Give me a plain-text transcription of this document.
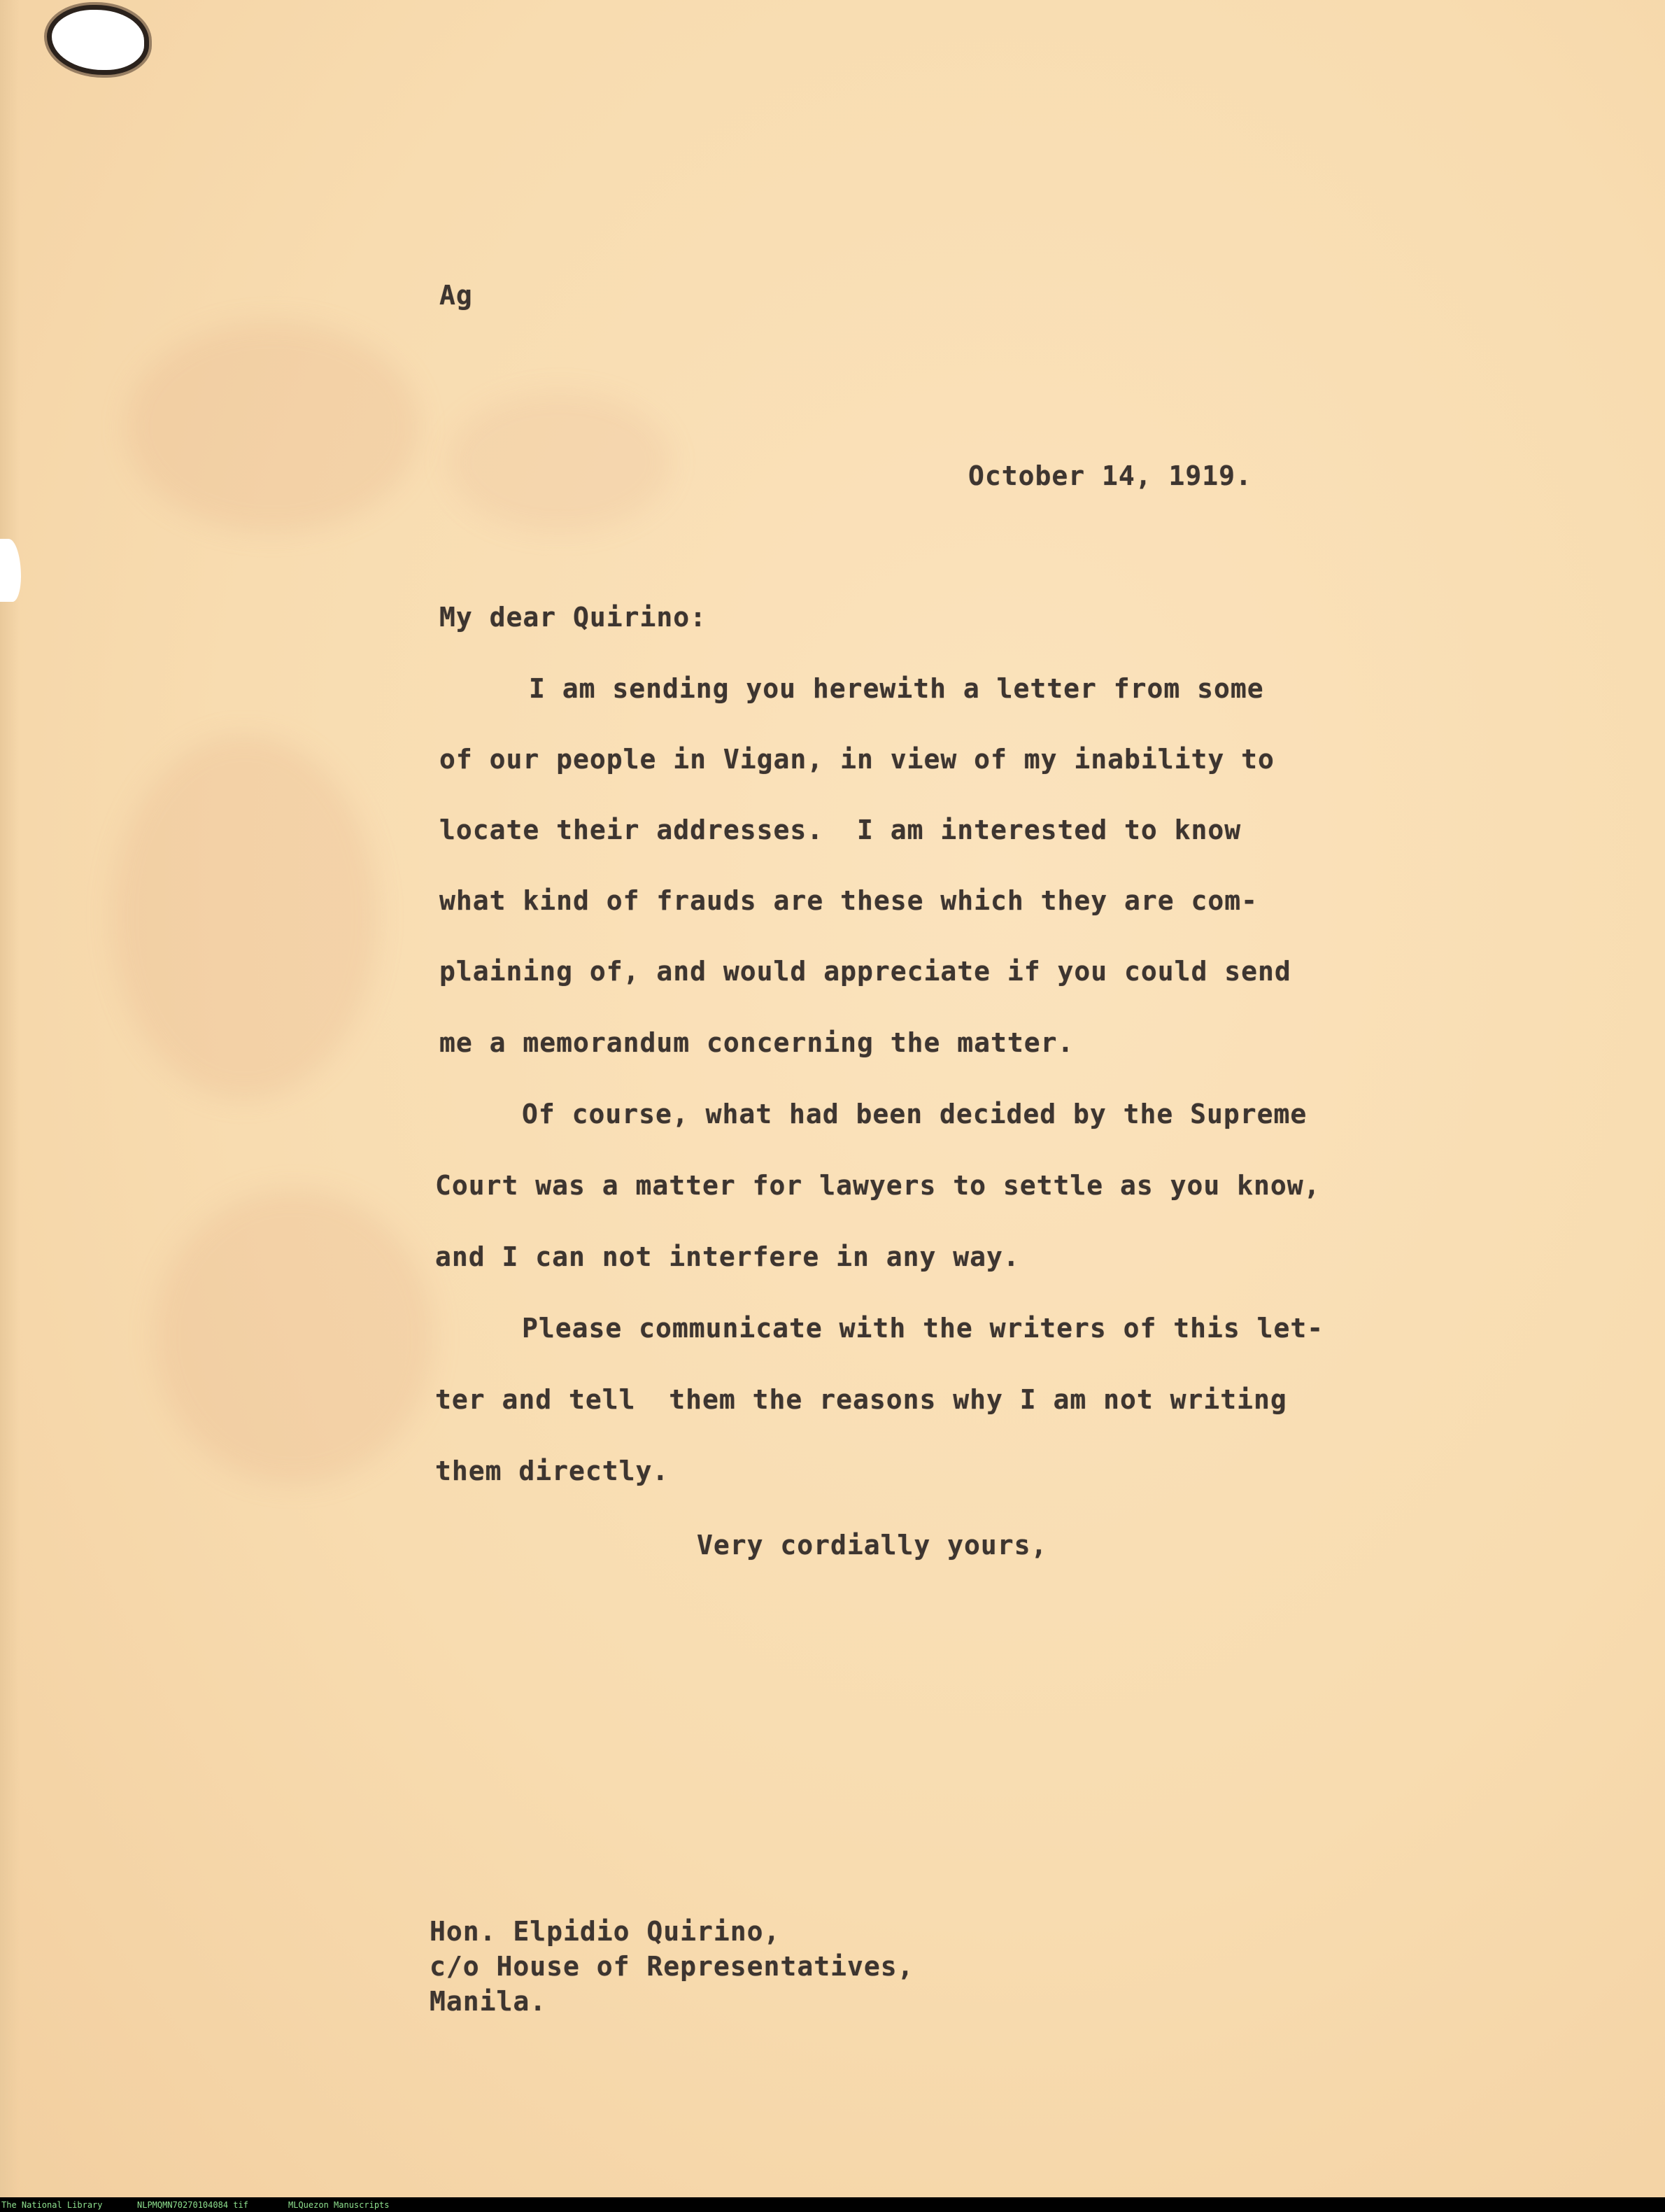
Ag
October 14, 1919.
My dear Quirino:
I am sending you herewith a letter from some
of our people in Vigan, in view of my inability to
locate their addresses.  I am interested to know
what kind of frauds are these which they are com-
plaining of, and would appreciate if you could send
me a memorandum concerning the matter.
Of course, what had been decided by the Supreme
Court was a matter for lawyers to settle as you know,
and I can not interfere in any way.
Please communicate with the writers of this let-
ter and tell  them the reasons why I am not writing
them directly.
Very cordially yours,
Hon. Elpidio Quirino,
c/o House of Representatives,
Manila.
The National Library	NLPMQMN70270104084 tif	MLQuezon Manuscripts
